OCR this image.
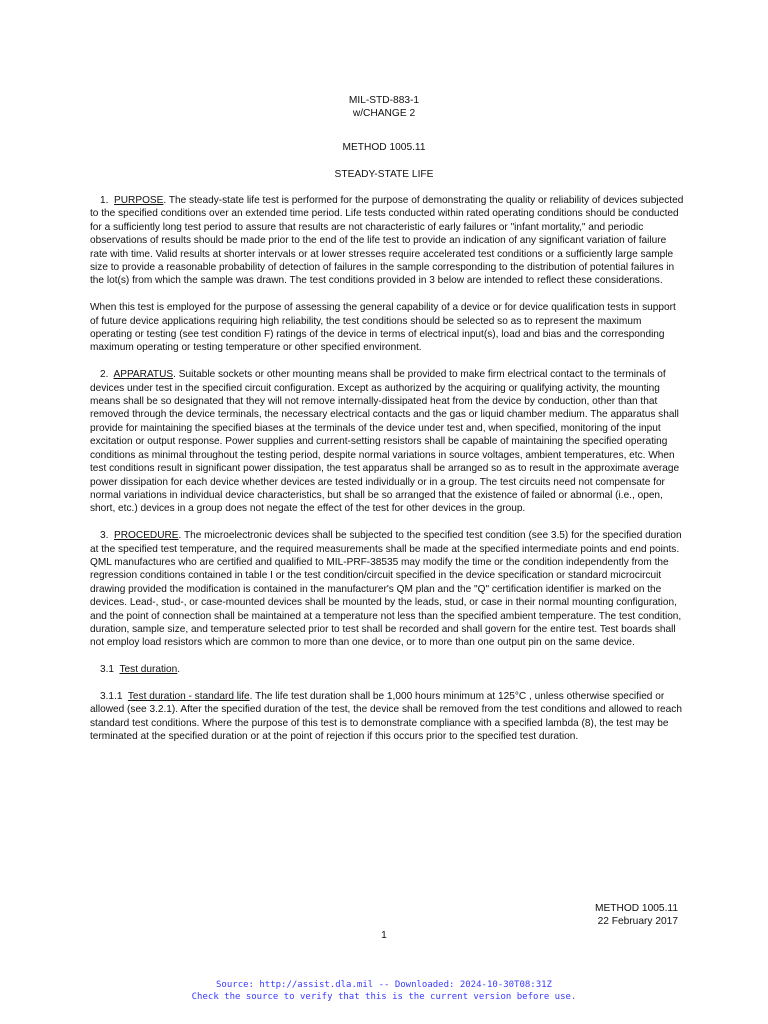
MIL-STD-883-1
w/CHANGE 2
METHOD 1005.11
STEADY-STATE LIFE

1. PURPOSE. The steady-state life test is performed for the purpose of demonstrating the quality or reliability of devices subjected to the specified conditions over an extended time period. Life tests conducted within rated operating conditions should be conducted for a sufficiently long test period to assure that results are not characteristic of early failures or "infant mortality," and periodic observations of results should be made prior to the end of the life test to provide an indication of any significant variation of failure rate with time. Valid results at shorter intervals or at lower stresses require accelerated test conditions or a sufficiently large sample size to provide a reasonable probability of detection of failures in the sample corresponding to the distribution of potential failures in the lot(s) from which the sample was drawn. The test conditions provided in 3 below are intended to reflect these considerations.

When this test is employed for the purpose of assessing the general capability of a device or for device qualification tests in support of future device applications requiring high reliability, the test conditions should be selected so as to represent the maximum operating or testing (see test condition F) ratings of the device in terms of electrical input(s), load and bias and the corresponding maximum operating or testing temperature or other specified environment.

2. APPARATUS. Suitable sockets or other mounting means shall be provided to make firm electrical contact to the terminals of devices under test in the specified circuit configuration. Except as authorized by the acquiring or qualifying activity, the mounting means shall be so designated that they will not remove internally-dissipated heat from the device by conduction, other than that removed through the device terminals, the necessary electrical contacts and the gas or liquid chamber medium. The apparatus shall provide for maintaining the specified biases at the terminals of the device under test and, when specified, monitoring of the input excitation or output response. Power supplies and current-setting resistors shall be capable of maintaining the specified operating conditions as minimal throughout the testing period, despite normal variations in source voltages, ambient temperatures, etc. When test conditions result in significant power dissipation, the test apparatus shall be arranged so as to result in the approximate average power dissipation for each device whether devices are tested individually or in a group. The test circuits need not compensate for normal variations in individual device characteristics, but shall be so arranged that the existence of failed or abnormal (i.e., open, short, etc.) devices in a group does not negate the effect of the test for other devices in the group.

3. PROCEDURE. The microelectronic devices shall be subjected to the specified test condition (see 3.5) for the specified duration at the specified test temperature, and the required measurements shall be made at the specified intermediate points and end points. QML manufactures who are certified and qualified to MIL-PRF-38535 may modify the time or the condition independently from the regression conditions contained in table I or the test condition/circuit specified in the device specification or standard microcircuit drawing provided the modification is contained in the manufacturer's QM plan and the "Q" certification identifier is marked on the devices. Lead-, stud-, or case-mounted devices shall be mounted by the leads, stud, or case in their normal mounting configuration, and the point of connection shall be maintained at a temperature not less than the specified ambient temperature. The test condition, duration, sample size, and temperature selected prior to test shall be recorded and shall govern for the entire test. Test boards shall not employ load resistors which are common to more than one device, or to more than one output pin on the same device.

3.1 Test duration.

3.1.1 Test duration - standard life. The life test duration shall be 1,000 hours minimum at 125°C , unless otherwise specified or allowed (see 3.2.1). After the specified duration of the test, the device shall be removed from the test conditions and allowed to reach standard test conditions. Where the purpose of this test is to demonstrate compliance with a specified lambda (8), the test may be terminated at the specified duration or at the point of rejection if this occurs prior to the specified test duration.

METHOD 1005.11
22 February 2017
1
Source: http://assist.dla.mil -- Downloaded: 2024-10-30T08:31Z
Check the source to verify that this is the current version before use.
